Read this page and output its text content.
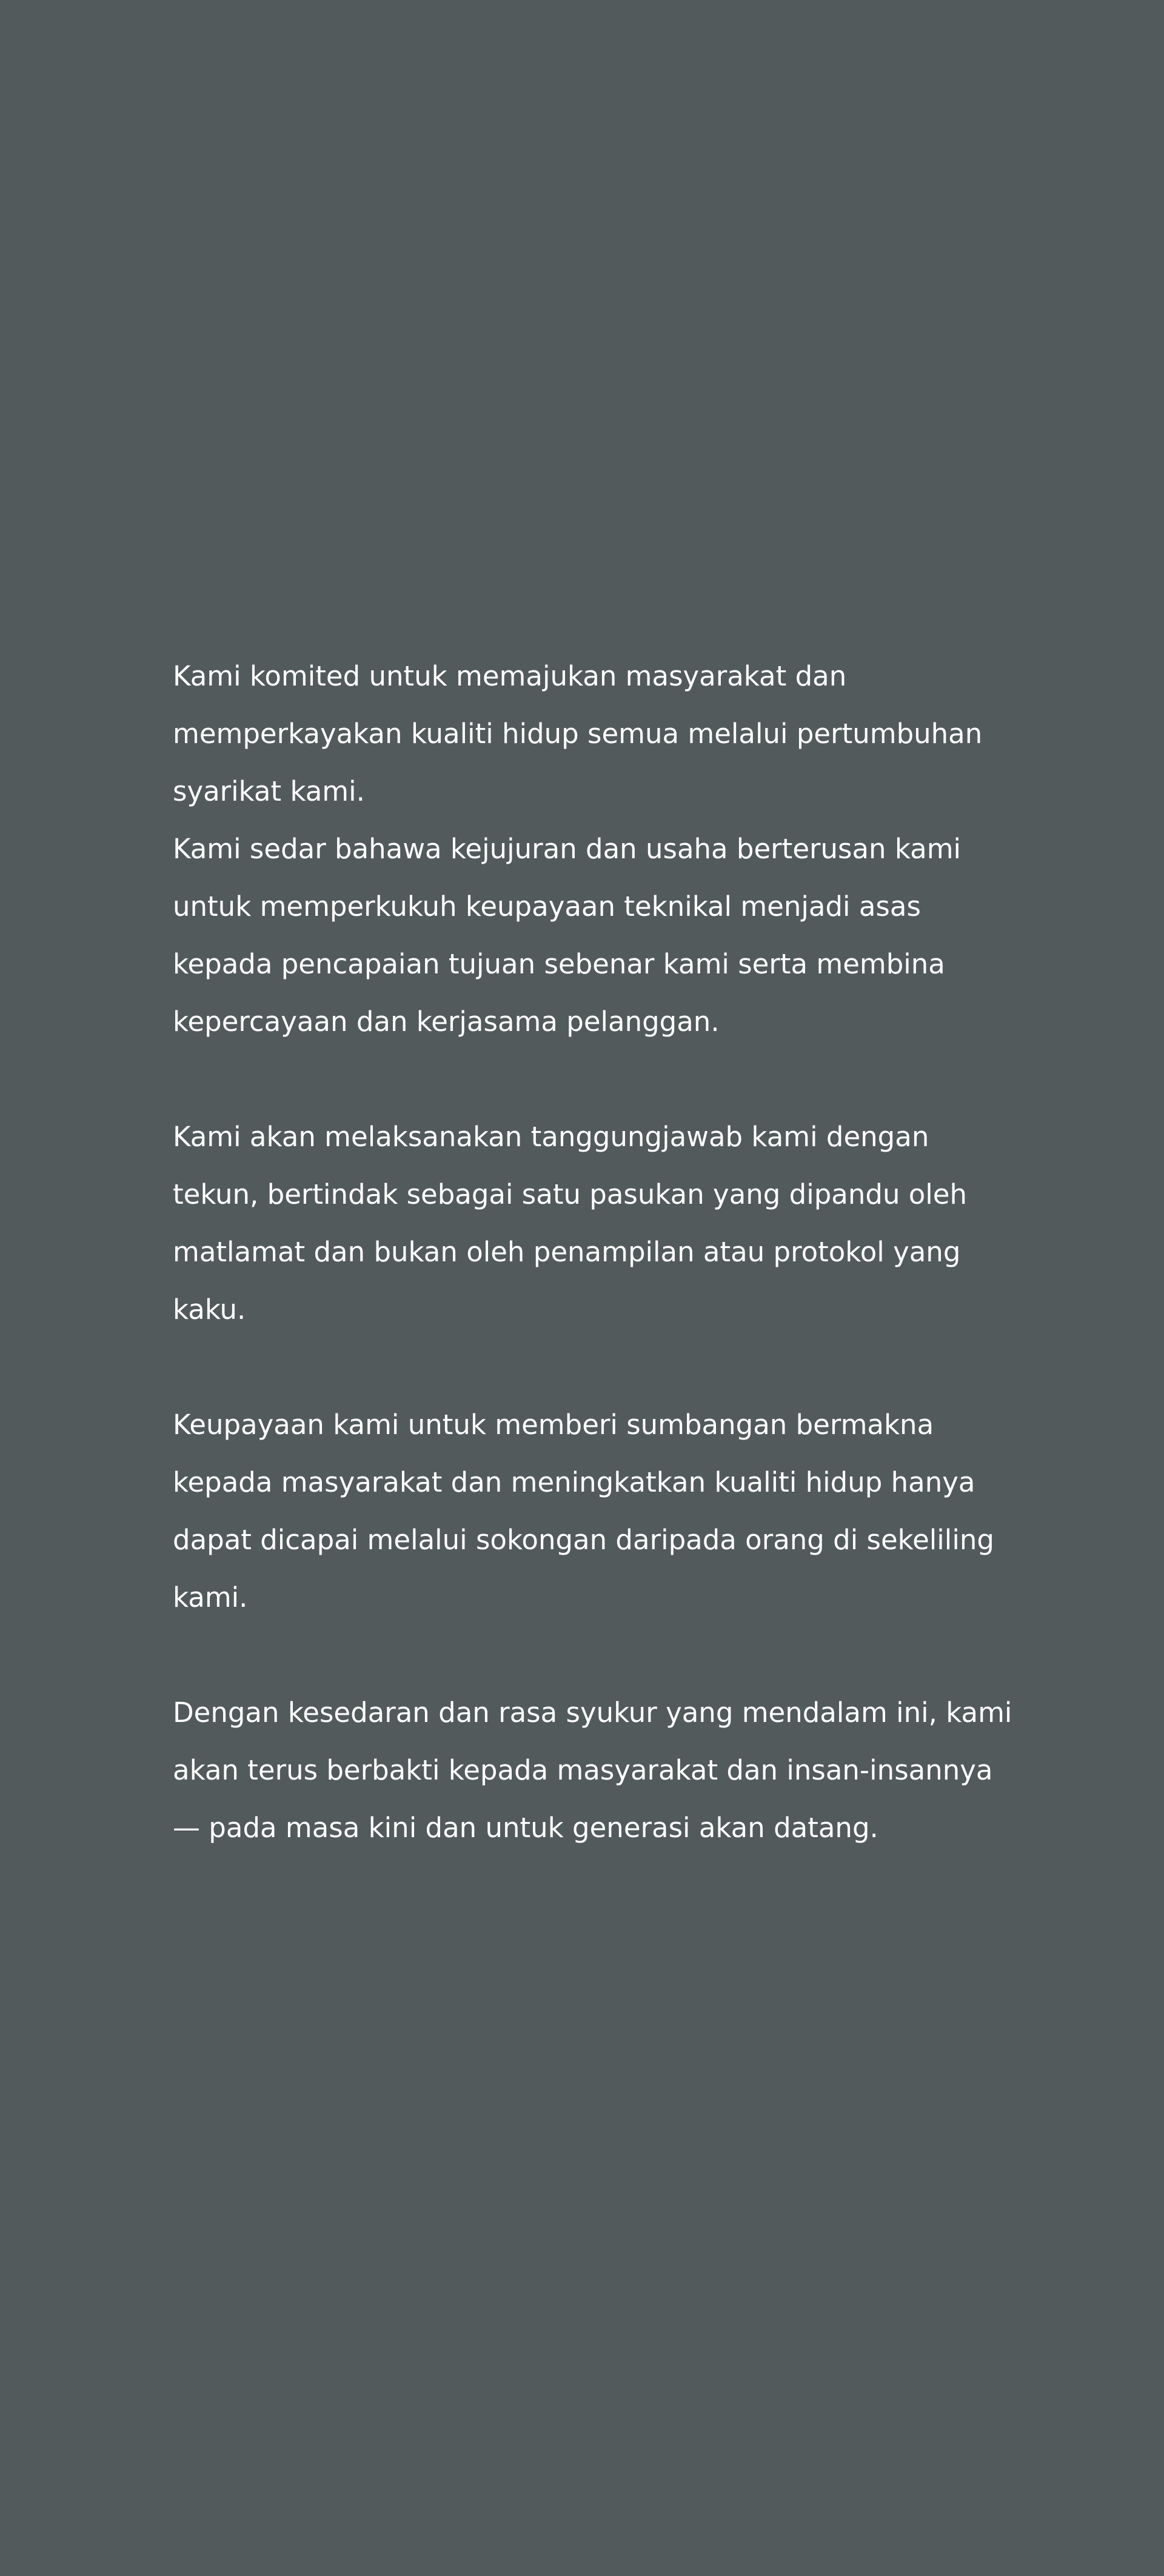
Kami komited untuk memajukan masyarakat dan

memperkayakan kualiti hidup semua melalui pertumbuhan

syarikat kami.

Kami sedar bahawa kejujuran dan usaha berterusan kami

untuk memperkukuh keupayaan teknikal menjadi asas

kepada pencapaian tujuan sebenar kami serta membina

kepercayaan dan kerjasama pelanggan.

Kami akan melaksanakan tanggungjawab kami dengan

tekun, bertindak sebagai satu pasukan yang dipandu oleh

matlamat dan bukan oleh penampilan atau protokol yang

kaku.

Keupayaan kami untuk memberi sumbangan bermakna

kepada masyarakat dan meningkatkan kualiti hidup hanya

dapat dicapai melalui sokongan daripada orang di sekeliling

kami.

Dengan kesedaran dan rasa syukur yang mendalam ini, kami

akan terus berbakti kepada masyarakat dan insan-insannya

— pada masa kini dan untuk generasi akan datang.
